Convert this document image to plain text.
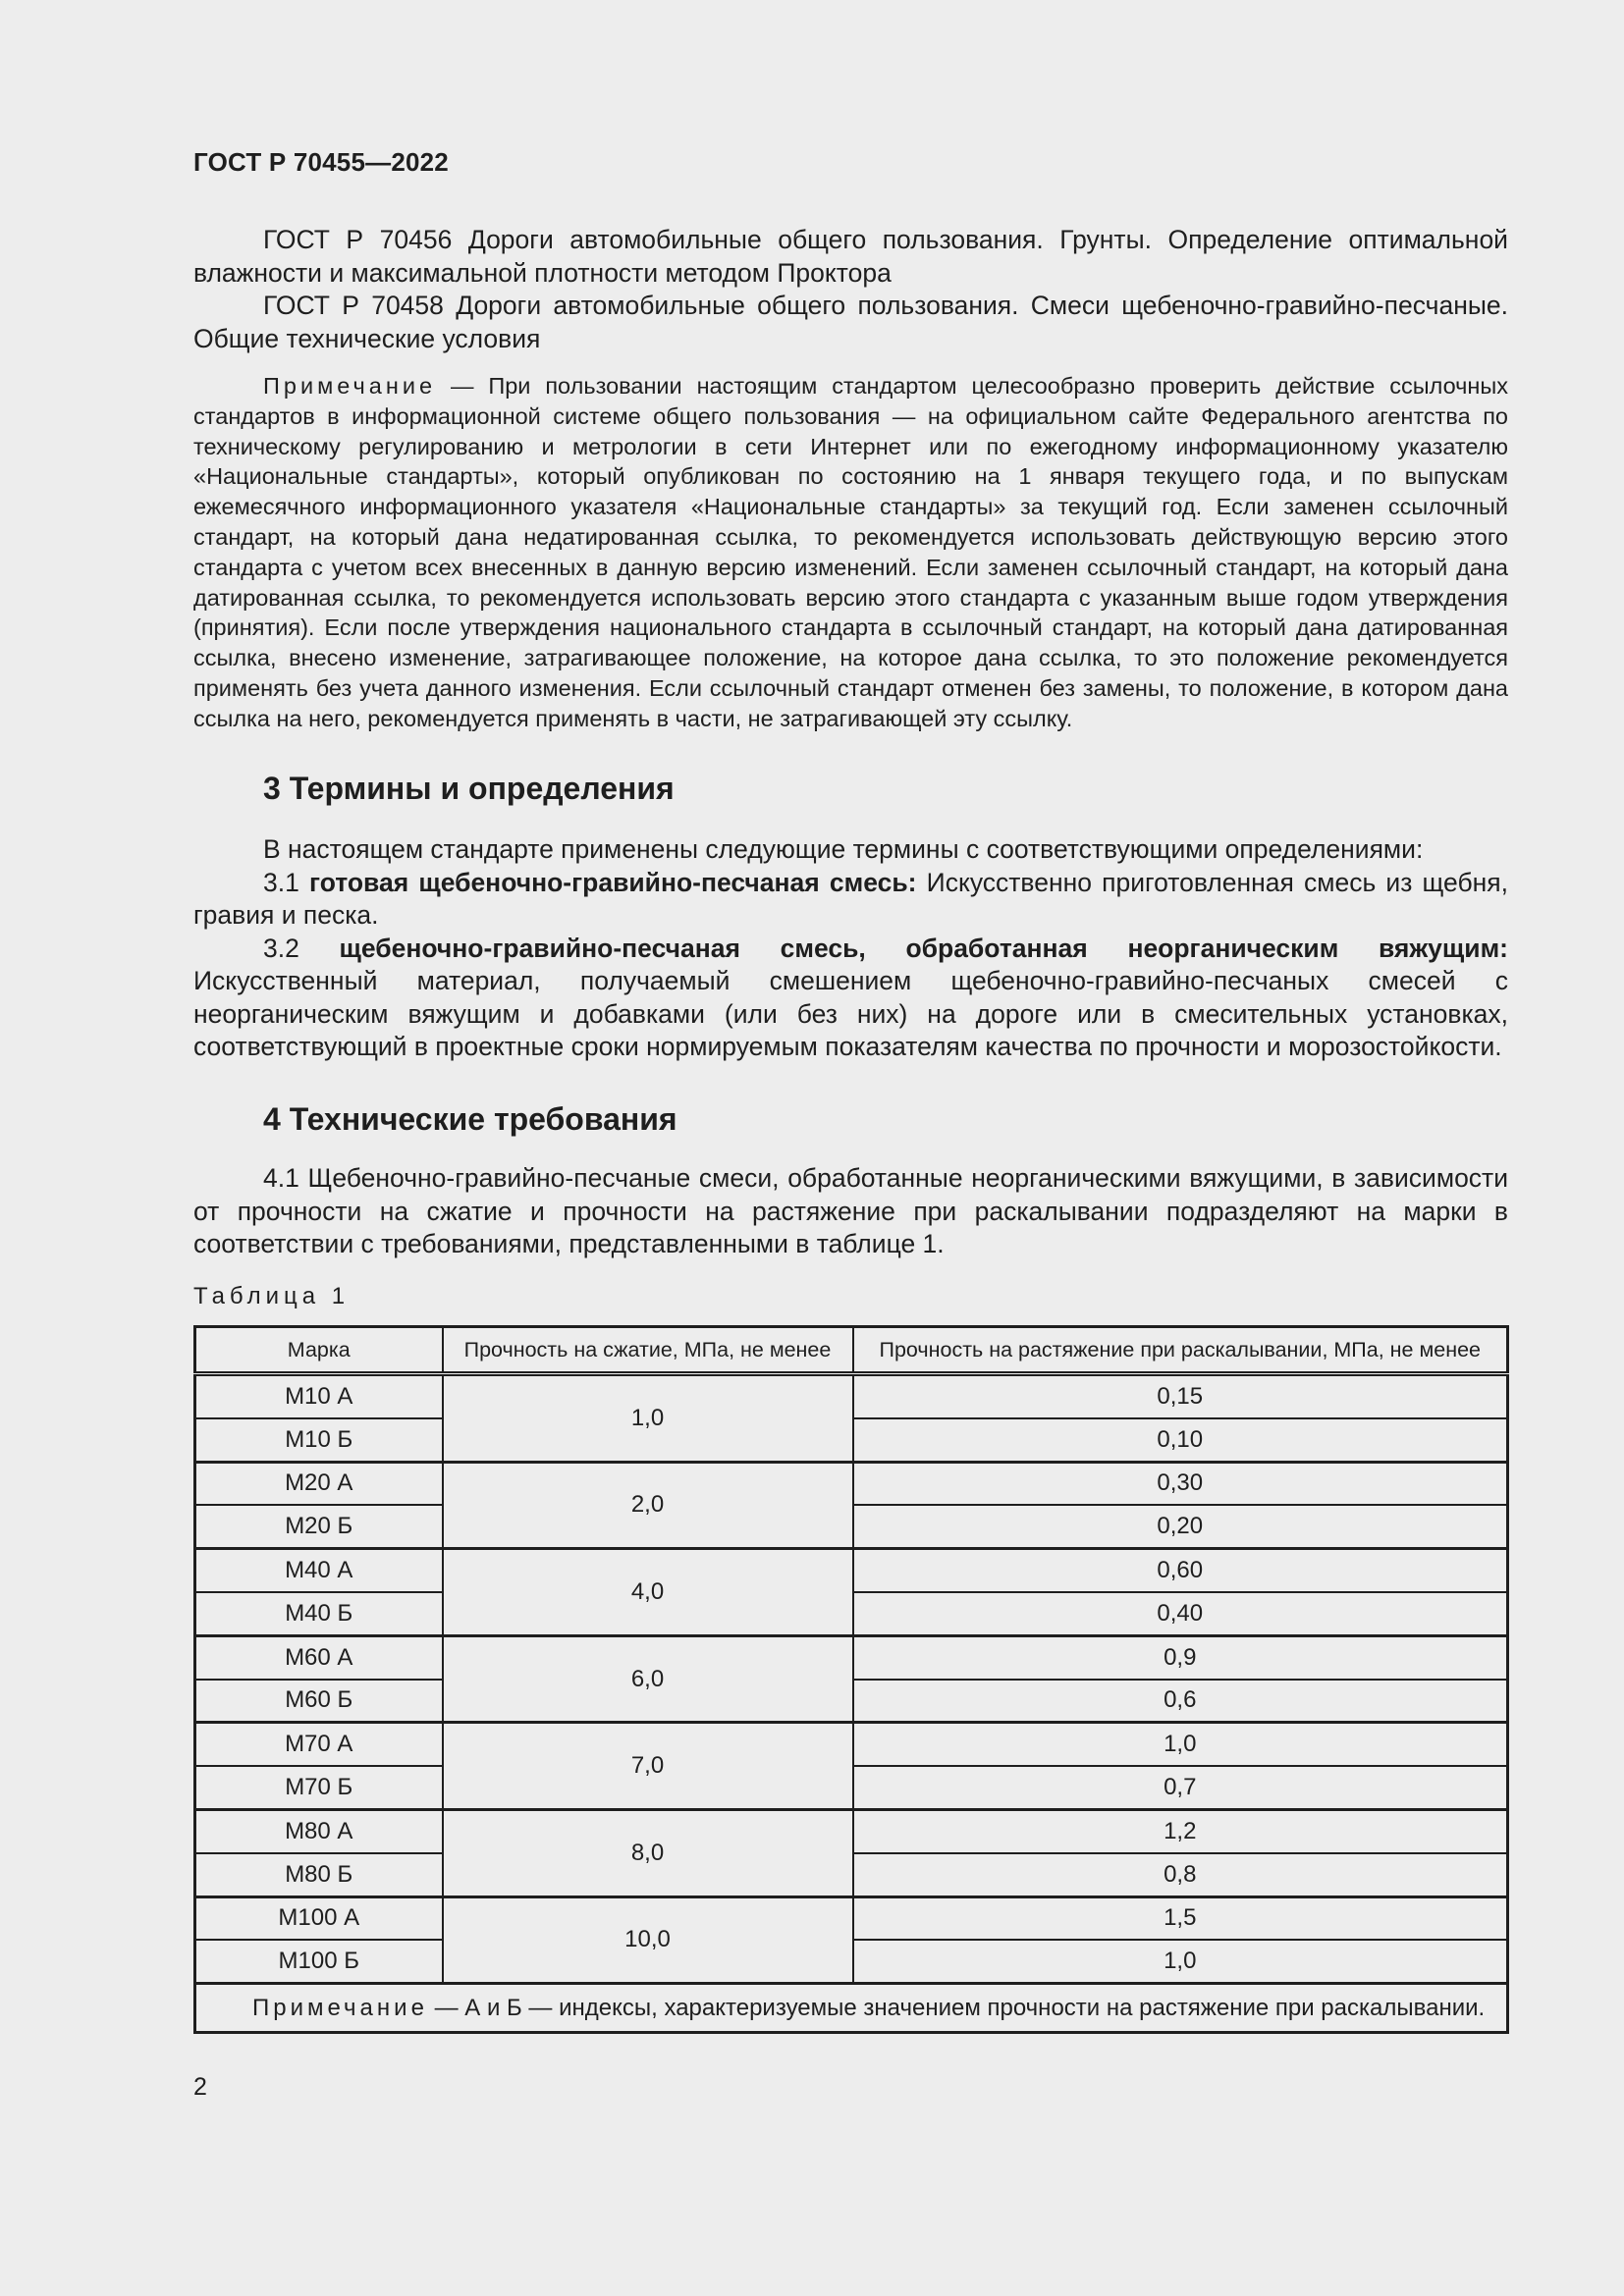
ГОСТ Р 70455—2022

ГОСТ Р 70456 Дороги автомобильные общего пользования. Грунты. Определение оптимальной влажности и максимальной плотности методом Проктора

ГОСТ Р 70458 Дороги автомобильные общего пользования. Смеси щебеночно-гравийно-песчаные. Общие технические условия

Примечание — При пользовании настоящим стандартом целесообразно проверить действие ссылочных стандартов в информационной системе общего пользования — на официальном сайте Федерального агентства по техническому регулированию и метрологии в сети Интернет или по ежегодному информационному указателю «Национальные стандарты», который опубликован по состоянию на 1 января текущего года, и по выпускам ежемесячного информационного указателя «Национальные стандарты» за текущий год. Если заменен ссылочный стандарт, на который дана недатированная ссылка, то рекомендуется использовать действующую версию этого стандарта с учетом всех внесенных в данную версию изменений. Если заменен ссылочный стандарт, на который дана датированная ссылка, то рекомендуется использовать версию этого стандарта с указанным выше годом утверждения (принятия). Если после утверждения национального стандарта в ссылочный стандарт, на который дана датированная ссылка, внесено изменение, затрагивающее положение, на которое дана ссылка, то это положение рекомендуется применять без учета данного изменения. Если ссылочный стандарт отменен без замены, то положение, в котором дана ссылка на него, рекомендуется применять в части, не затрагивающей эту ссылку.

3 Термины и определения

В настоящем стандарте применены следующие термины с соответствующими определениями:

3.1 готовая щебеночно-гравийно-песчаная смесь: Искусственно приготовленная смесь из щебня, гравия и песка.

3.2 щебеночно-гравийно-песчаная смесь, обработанная неорганическим вяжущим: Искусственный материал, получаемый смешением щебеночно-гравийно-песчаных смесей с неорганическим вяжущим и добавками (или без них) на дороге или в смесительных установках, соответствующий в проектные сроки нормируемым показателям качества по прочности и морозостойкости.

4 Технические требования

4.1 Щебеночно-гравийно-песчаные смеси, обработанные неорганическими вяжущими, в зависимости от прочности на сжатие и прочности на растяжение при раскалывании подразделяют на марки в соответствии с требованиями, представленными в таблице 1.

Таблица 1
Марка	Прочность на сжатие, МПа, не менее	Прочность на растяжение при раскалывании, МПа, не менее
М10 А	1,0	0,15
М10 Б		0,10
М20 А	2,0	0,30
М20 Б		0,20
М40 А	4,0	0,60
М40 Б		0,40
М60 А	6,0	0,9
М60 Б		0,6
М70 А	7,0	1,0
М70 Б		0,7
М80 А	8,0	1,2
М80 Б		0,8
М100 А	10,0	1,5
М100 Б		1,0
Примечание — А и Б — индексы, характеризуемые значением прочности на растяжение при раскалывании.		
2
